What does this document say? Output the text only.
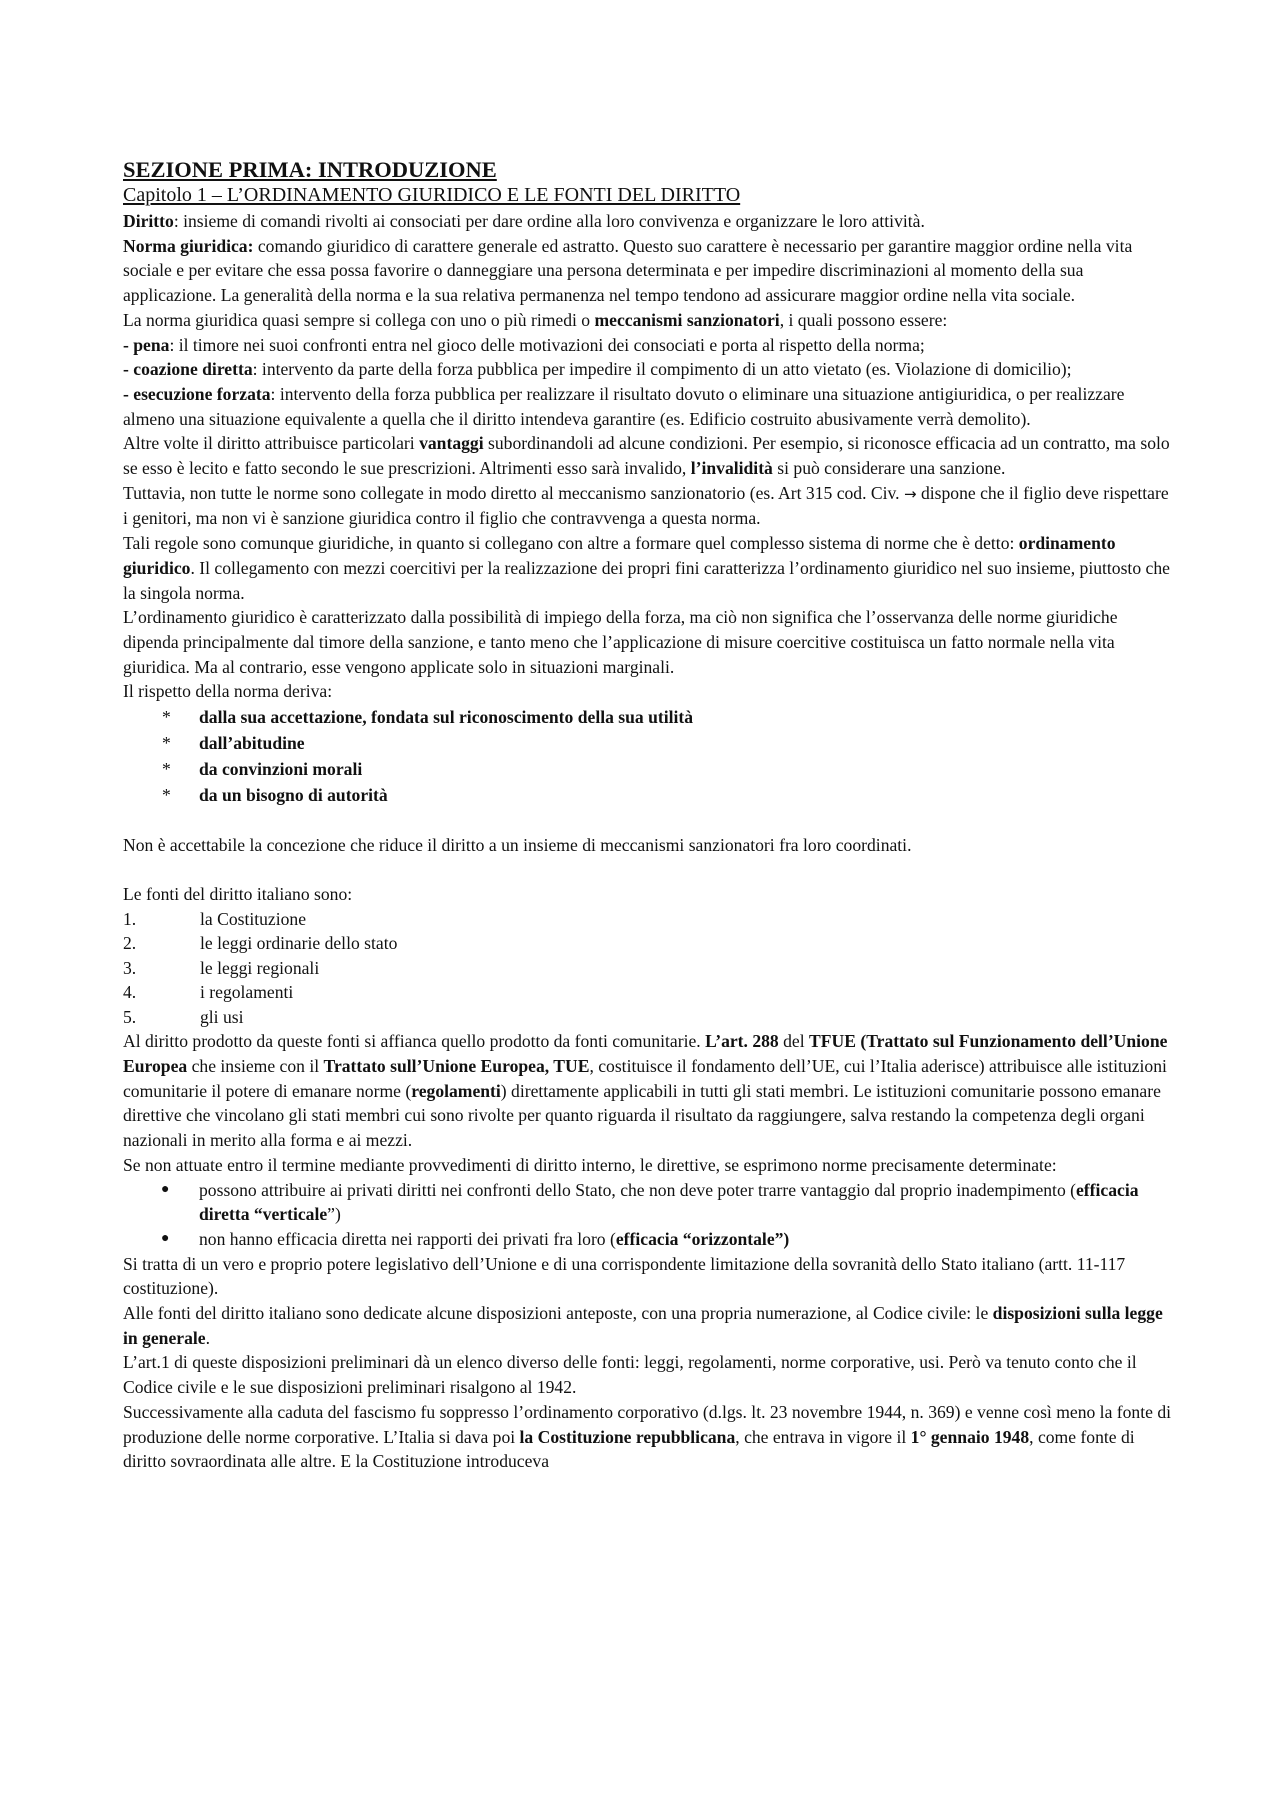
SEZIONE PRIMA: INTRODUZIONE
Capitolo 1 – L’ORDINAMENTO GIURIDICO E LE FONTI DEL DIRITTO

Diritto: insieme di comandi rivolti ai consociati per dare ordine alla loro convivenza e organizzare le loro attività.

Norma giuridica: comando giuridico di carattere generale ed astratto. Questo suo carattere è necessario per garantire maggior ordine nella vita sociale e per evitare che essa possa favorire o danneggiare una persona determinata e per impedire discriminazioni al momento della sua applicazione. La generalità della norma e la sua relativa permanenza nel tempo tendono ad assicurare maggior ordine nella vita sociale.

La norma giuridica quasi sempre si collega con uno o più rimedi o meccanismi sanzionatori, i quali possono essere:

- pena: il timore nei suoi confronti entra nel gioco delle motivazioni dei consociati e porta al rispetto della norma;

- coazione diretta: intervento da parte della forza pubblica per impedire il compimento di un atto vietato (es. Violazione di domicilio);

- esecuzione forzata: intervento della forza pubblica per realizzare il risultato dovuto o eliminare una situazione antigiuridica, o per realizzare almeno una situazione equivalente a quella che il diritto intendeva garantire (es. Edificio costruito abusivamente verrà demolito).

Altre volte il diritto attribuisce particolari vantaggi subordinandoli ad alcune condizioni. Per esempio, si riconosce efficacia ad un contratto, ma solo se esso è lecito e fatto secondo le sue prescrizioni. Altrimenti esso sarà invalido, l’invalidità si può considerare una sanzione.

Tuttavia, non tutte le norme sono collegate in modo diretto al meccanismo sanzionatorio (es. Art 315 cod. Civ. → dispone che il figlio deve rispettare i genitori, ma non vi è sanzione giuridica contro il figlio che contravvenga a questa norma.

Tali regole sono comunque giuridiche, in quanto si collegano con altre a formare quel complesso sistema di norme che è detto: ordinamento giuridico. Il collegamento con mezzi coercitivi per la realizzazione dei propri fini caratterizza l’ordinamento giuridico nel suo insieme, piuttosto che la singola norma.

L’ordinamento giuridico è caratterizzato dalla possibilità di impiego della forza, ma ciò non significa che l’osservanza delle norme giuridiche dipenda principalmente dal timore della sanzione, e tanto meno che l’applicazione di misure coercitive costituisca un fatto normale nella vita giuridica. Ma al contrario, esse vengono applicate solo in situazioni marginali.

Il rispetto della norma deriva:

* dalla sua accettazione, fondata sul riconoscimento della sua utilità
* dall’abitudine
* da convinzioni morali
* da un bisogno di autorità

Non è accettabile la concezione che riduce il diritto a un insieme di meccanismi sanzionatori fra loro coordinati.

Le fonti del diritto italiano sono:

1.	la Costituzione
2.	le leggi ordinarie dello stato
3.	le leggi regionali
4.	i regolamenti
5.	gli usi

Al diritto prodotto da queste fonti si affianca quello prodotto da fonti comunitarie. L’art. 288 del TFUE (Trattato sul Funzionamento dell’Unione Europea che insieme con il Trattato sull’Unione Europea, TUE, costituisce il fondamento dell’UE, cui l’Italia aderisce) attribuisce alle istituzioni comunitarie il potere di emanare norme (regolamenti) direttamente applicabili in tutti gli stati membri. Le istituzioni comunitarie possono emanare direttive che vincolano gli stati membri cui sono rivolte per quanto riguarda il risultato da raggiungere, salva restando la competenza degli organi nazionali in merito alla forma e ai mezzi.

Se non attuate entro il termine mediante provvedimenti di diritto interno, le direttive, se esprimono norme precisamente determinate:

● possono attribuire ai privati diritti nei confronti dello Stato, che non deve poter trarre vantaggio dal proprio inadempimento (efficacia diretta “verticale”)
● non hanno efficacia diretta nei rapporti dei privati fra loro (efficacia “orizzontale”)

Si tratta di un vero e proprio potere legislativo dell’Unione e di una corrispondente limitazione della sovranità dello Stato italiano (artt. 11-117 costituzione).

Alle fonti del diritto italiano sono dedicate alcune disposizioni anteposte, con una propria numerazione, al Codice civile: le disposizioni sulla legge in generale.

L’art.1 di queste disposizioni preliminari dà un elenco diverso delle fonti: leggi, regolamenti, norme corporative, usi. Però va tenuto conto che il Codice civile e le sue disposizioni preliminari risalgono al 1942.

Successivamente alla caduta del fascismo fu soppresso l’ordinamento corporativo (d.lgs. lt. 23 novembre 1944, n. 369) e venne così meno la fonte di produzione delle norme corporative. L’Italia si dava poi la Costituzione repubblicana, che entrava in vigore il 1° gennaio 1948, come fonte di diritto sovraordinata alle altre. E la Costituzione introduceva
